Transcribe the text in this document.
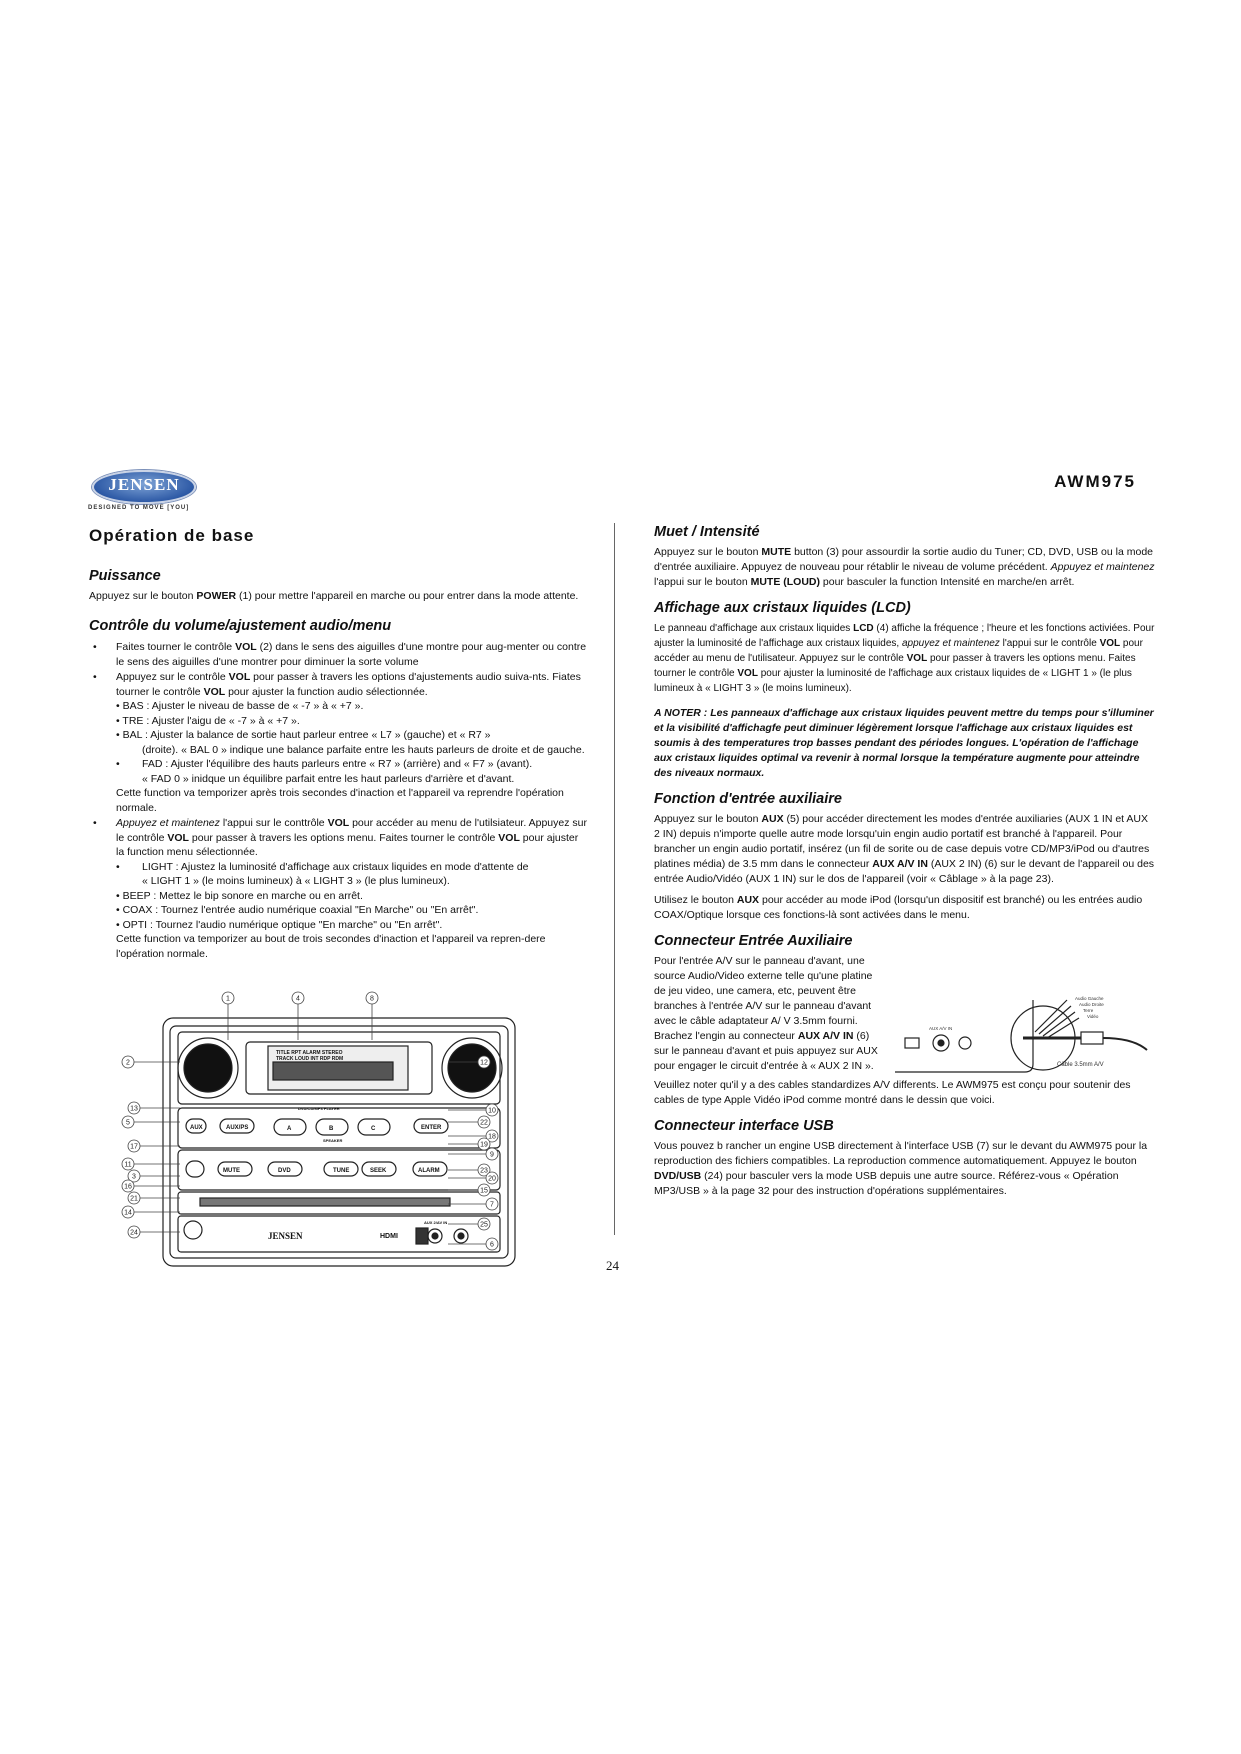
JENSEN
DESIGNED TO MOVE [YOU]
AWM975
Opération de base
Puissance

Appuyez sur le bouton POWER (1) pour mettre l'appareil en marche ou pour entrer dans la mode attente.

Contrôle du volume/ajustement audio/menu
• Faites tourner le contrôle VOL (2) dans le sens des aiguilles d'une montre pour aug-menter ou contre le sens des aiguilles d'une montrer pour diminuer la sorte volume
• Appuyez sur le contrôle VOL pour passer à travers les options d'ajustements audio suiva-nts. Fiates tourner le contrôle VOL pour ajuster la function audio sélectionnée.
• BAS : Ajuster le niveau de basse de « -7 » à « +7 ».
• TRE : Ajuster l'aigu de « -7 » à « +7 ».
• BAL : Ajuster la balance de sortie haut parleur entree « L7 » (gauche) et « R7 »
(droite). « BAL 0 » indique une balance parfaite entre les hauts parleurs de droite et de gauche.
•	FAD : Ajuster l'équilibre des hauts parleurs entre « R7 » (arrière) and « F7 » (avant).
« FAD 0 » inidque un équilibre parfait entre les haut parleurs d'arrière et d'avant.
Cette function va temporizer après trois secondes d'inaction et l'appareil va reprendre l'opération normale.
• Appuyez et maintenez l'appui sur le conttrôle VOL pour accéder au menu de l'utilsiateur. Appuyez sur le contrôle VOL pour passer à travers les options menu. Faites tourner le contrôle VOL pour ajuster la function menu sélectionnée.
•	LIGHT : Ajustez la luminosité d'affichage aux cristaux liquides en mode d'attente de
« LIGHT 1 » (le moins lumineux) à « LIGHT 3 » (le plus lumineux).
• BEEP : Mettez le bip sonore en marche ou en arrêt.
• COAX : Tournez l'entrée audio numérique coaxial "En Marche" ou "En arrêt".
• OPTI : Tournez l'audio numérique optique "En marche" ou "En arrêt".
Cette function va temporizer au bout de trois secondes d'inaction et l'appareil va repren-dere l'opération normale.
AUX	AUX/PS	A	B	C	ENTER
MUTE	DVD	TUNE	SEEK	ALARM
TITLE RPT ALARM STEREO
TRACK LOUD INT RDP RDM
DVD/CD/MP3 PLAYER
SPEAKER
JENSEN	HDMI
AUX 2/AV IN
1	4	8
2
13
5
17
11
3
16
21
14
24
12
10
22
18
19
9
23
20
15
7
25
6
Muet / Intensité

Appuyez sur le bouton MUTE button (3) pour assourdir la sortie audio du Tuner; CD, DVD, USB ou la mode d'entrée auxiliaire. Appuyez de nouveau pour rétablir le niveau de volume précédent. Appuyez et maintenez l'appui sur le bouton MUTE (LOUD) pour basculer la function Intensité en marche/en arrêt.

Affichage aux cristaux liquides (LCD)

Le panneau d'affichage aux cristaux liquides LCD (4) affiche la fréquence ; l'heure et les fonctions activiées. Pour ajuster la luminosité de l'affichage aux cristaux liquides, appuyez et maintenez l'appui sur le contrôle VOL pour accéder au menu de l'utilisateur. Appuyez sur le contrôle VOL pour passer à travers les options menu. Faites tourner le contrôle VOL pour ajuster la luminosité de l'affichage aux cristaux liquides de « LIGHT 1 » (le plus lumineux à « LIGHT 3 » (le moins lumineux).

A NOTER : Les panneaux d'affichage aux cristaux liquides peuvent mettre du temps pour s'illuminer et la visibilité d'affichagfe peut diminuer légèrement lorsque l'affichage aux cristaux liquides est soumis à des temperatures trop basses pendant des périodes longues. L'opération de l'affichage aux cristaux liquides optimal va revenir à normal lorsque la température augmente pour atteindre des niveaux normaux.

Fonction d'entrée auxiliaire

Appuyez sur le bouton AUX (5) pour accéder directement les modes d'entrée auxiliaries (AUX 1 IN et AUX 2 IN) depuis n'importe quelle autre mode lorsqu'uin engin audio portatif est branché à l'appareil. Pour brancher un engin audio portatif, insérez (un fil de sorite ou de case depuis votre CD/MP3/iPod ou d'autres platines média) de 3.5 mm dans le connecteur AUX A/V IN (AUX 2 IN) (6) sur le devant de l'appareil ou des entrée Audio/Vidéo (AUX 1 IN) sur le dos de l'appareil (voir « Câblage » à la page 23).

Utilisez le bouton AUX pour accéder au mode iPod (lorsqu'un dispositif est branché) ou les entrées audio COAX/Optique lorsque ces fonctions-là sont activées dans le menu.

Connecteur Entrée Auxiliaire

Pour l'entrée A/V sur le panneau d'avant, une source Audio/Video externe telle qu'une platine de jeu video, une camera, etc, peuvent être branches à l'entrée A/V sur le panneau d'avant avec le câble adaptateur A/ V 3.5mm fourni. Brachez l'engin au connecteur AUX A/V IN (6) sur le panneau d'avant et puis appuyez sur AUX pour engager le circuit d'entrée à « AUX 2 IN ».

Veuillez noter qu'il y a des cables standardizes A/V differents. Le AWM975 est conçu pour soutenir des cables de type Apple Vidéo iPod comme montré dans le dessin que voici.

Connecteur interface USB

Vous pouvez b rancher un engine USB directement à l'interface USB (7) sur le devant du AWM975 pour la reproduction des fichiers compatibles. La reproduction commence automatiquement. Appuyez le bouton DVD/USB (24) pour basculer vers la mode USB depuis une autre source. Référez-vous « Opération MP3/USB » à la page 32 pour des instruction d'opérations supplémentaires.

Audio Gauche
Audio Droite
Terre
Vidéo
AUX A/V IN
Câble 3.5mm A/V
24
